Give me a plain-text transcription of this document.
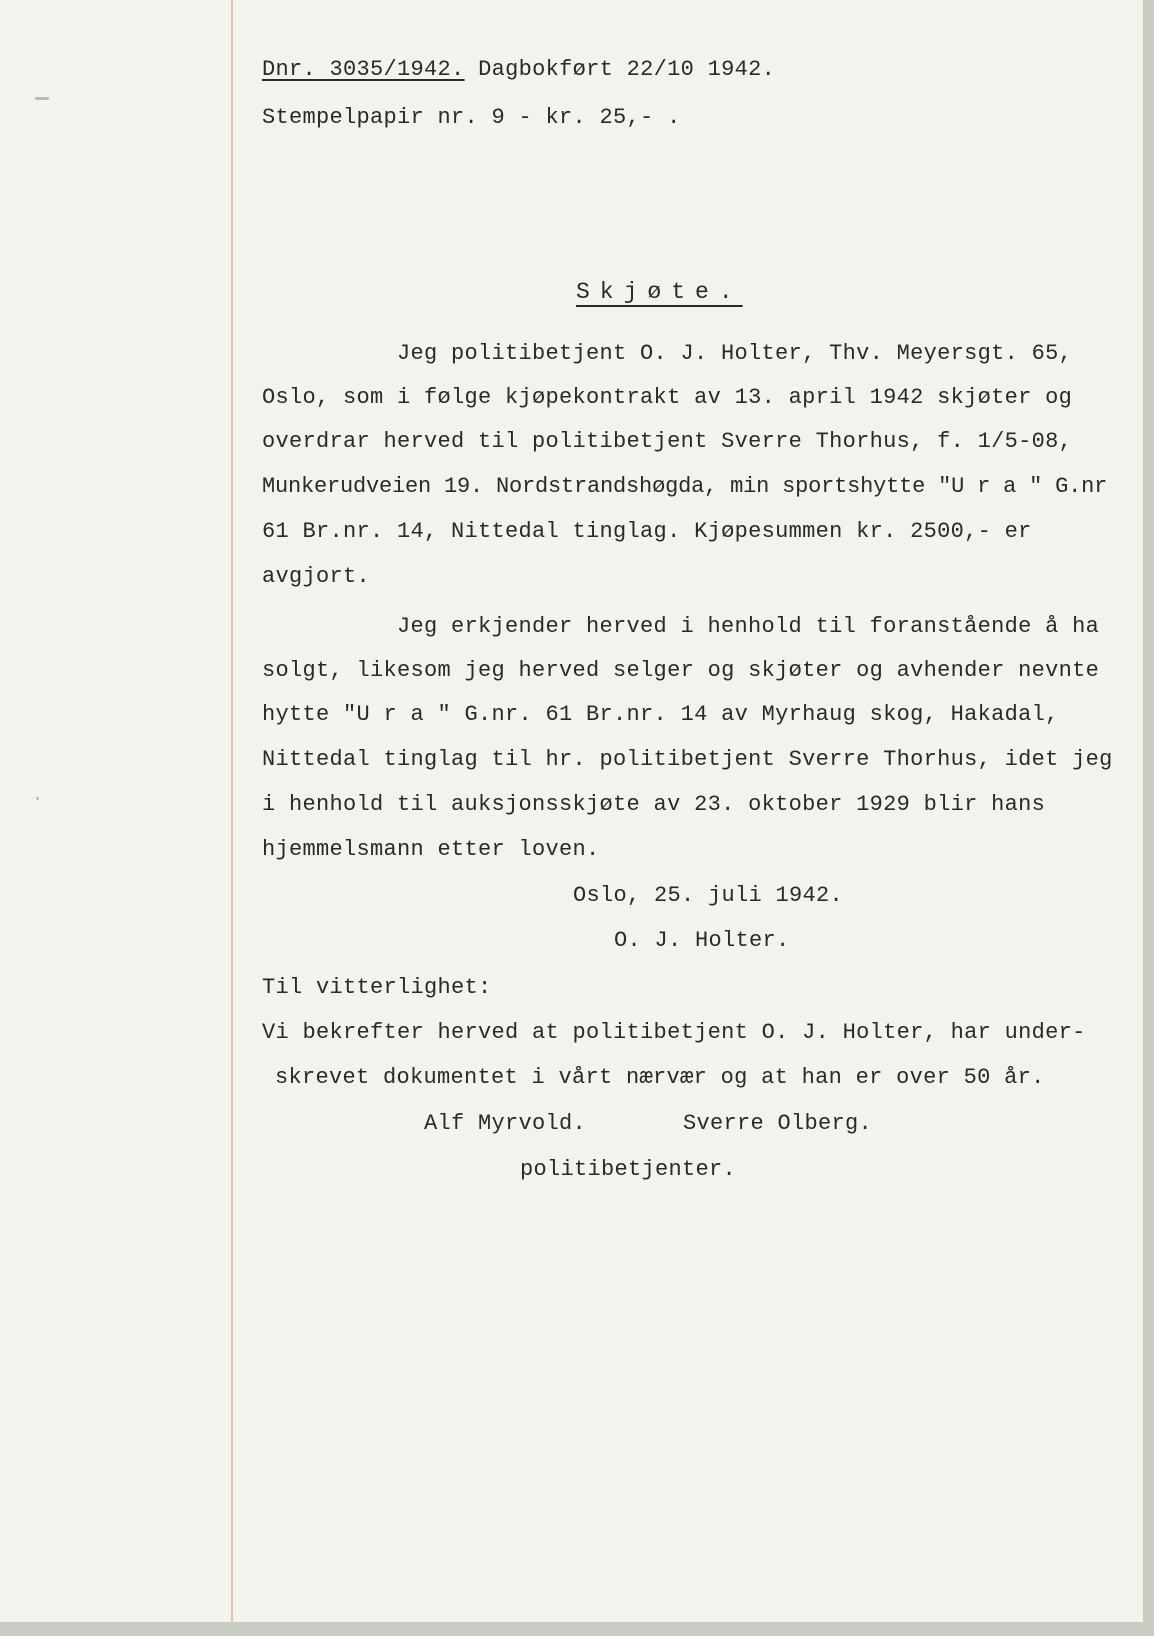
Dnr. 3035/1942. Dagbokført 22/10 1942.
Stempelpapir nr. 9 - kr. 25,- .
Skjøte.
Jeg politibetjent O. J. Holter, Thv. Meyersgt. 65,
Oslo, som i følge kjøpekontrakt av 13. april 1942 skjøter og
overdrar herved til politibetjent Sverre Thorhus, f. 1/5-08,
Munkerudveien 19. Nordstrandshøgda, min sportshytte "U r a " G.nr
61 Br.nr. 14, Nittedal tinglag. Kjøpesummen kr. 2500,- er
avgjort.
Jeg erkjender herved i henhold til foranstående å ha
solgt, likesom jeg herved selger og skjøter og avhender nevnte
hytte "U r a " G.nr. 61 Br.nr. 14 av Myrhaug skog, Hakadal,
Nittedal tinglag til hr. politibetjent Sverre Thorhus, idet jeg
i henhold til auksjonsskjøte av 23. oktober 1929 blir hans
hjemmelsmann etter loven.
Oslo, 25. juli 1942.
O. J. Holter.
Til vitterlighet:
Vi bekrefter herved at politibetjent O. J. Holter, har under-
skrevet dokumentet i vårt nærvær og at han er over 50 år.
Alf Myrvold.	Sverre Olberg.
politibetjenter.
